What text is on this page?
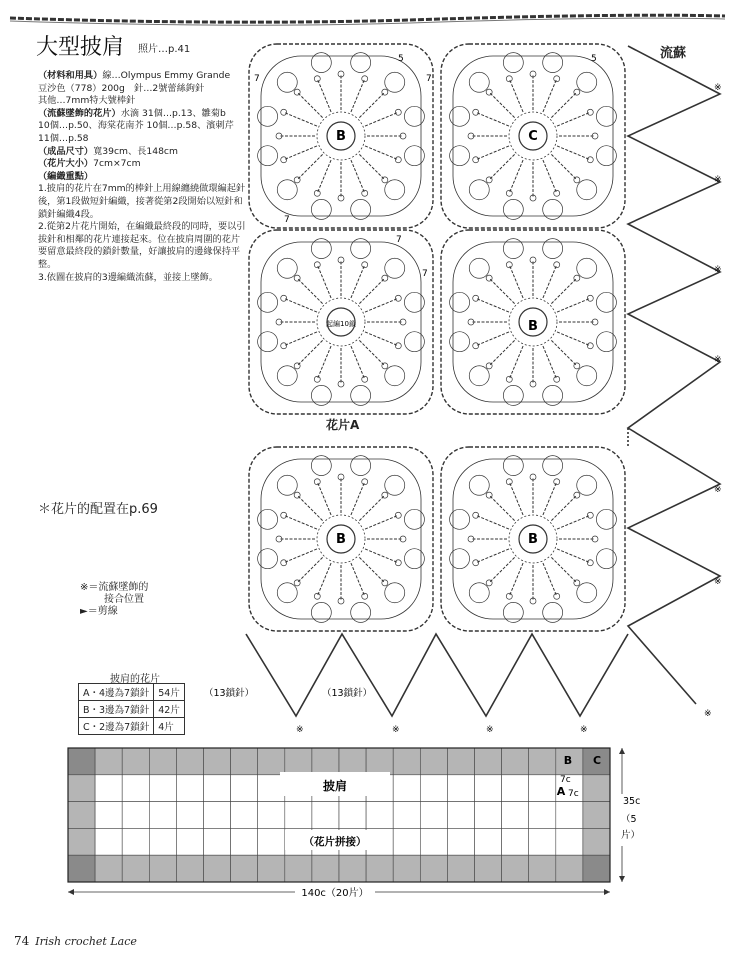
大型披肩 照片…p.41

（材料和用具）線…Olympus Emmy Grande

豆沙色（778）200g　針…2號蕾絲鉤針

其他…7mm特大號棒針

（流蘇墜飾的花片）水滴 31個…p.13、雛菊b

10個…p.50、海棠花南芥 10個…p.58、濱刺芹

11個…p.58

（成品尺寸）寬39cm、長148cm

（花片大小）7cm×7cm

（編織重點）

1.披肩的花片在7mm的棒針上用線纏繞做環編起針後，第1段做短針編織，接著從第2段開始以短針和鎖針編織4段。

2.從第2片花片開始，在編織最終段的同時，要以引拔針和相鄰的花片連接起來。位在披肩周圍的花片要留意最終段的鎖針數量，好讓披肩的邊緣保持平整。

3.依圖在披肩的3邊編織流蘇，並接上墜飾。

流蘇
花片A
＊花片的配置在p.69
※＝流蘇墜飾的
接合位置
►＝剪線
披肩的花片
A・4邊為7鎖針	54片
B・3邊為7鎖針	42片
C・2邊為7鎖針	4片
B	C
起編10鎖	B
B	B
5	5
7	7
7
7
7
（13鎖針）	（13鎖針）
※
※
※
※
※
※
※	※	※	※
※
披肩
（花片拼接）
B C
A
7c
7c
140c（20片）
35c
（5
片）
74 Irish crochet Lace
